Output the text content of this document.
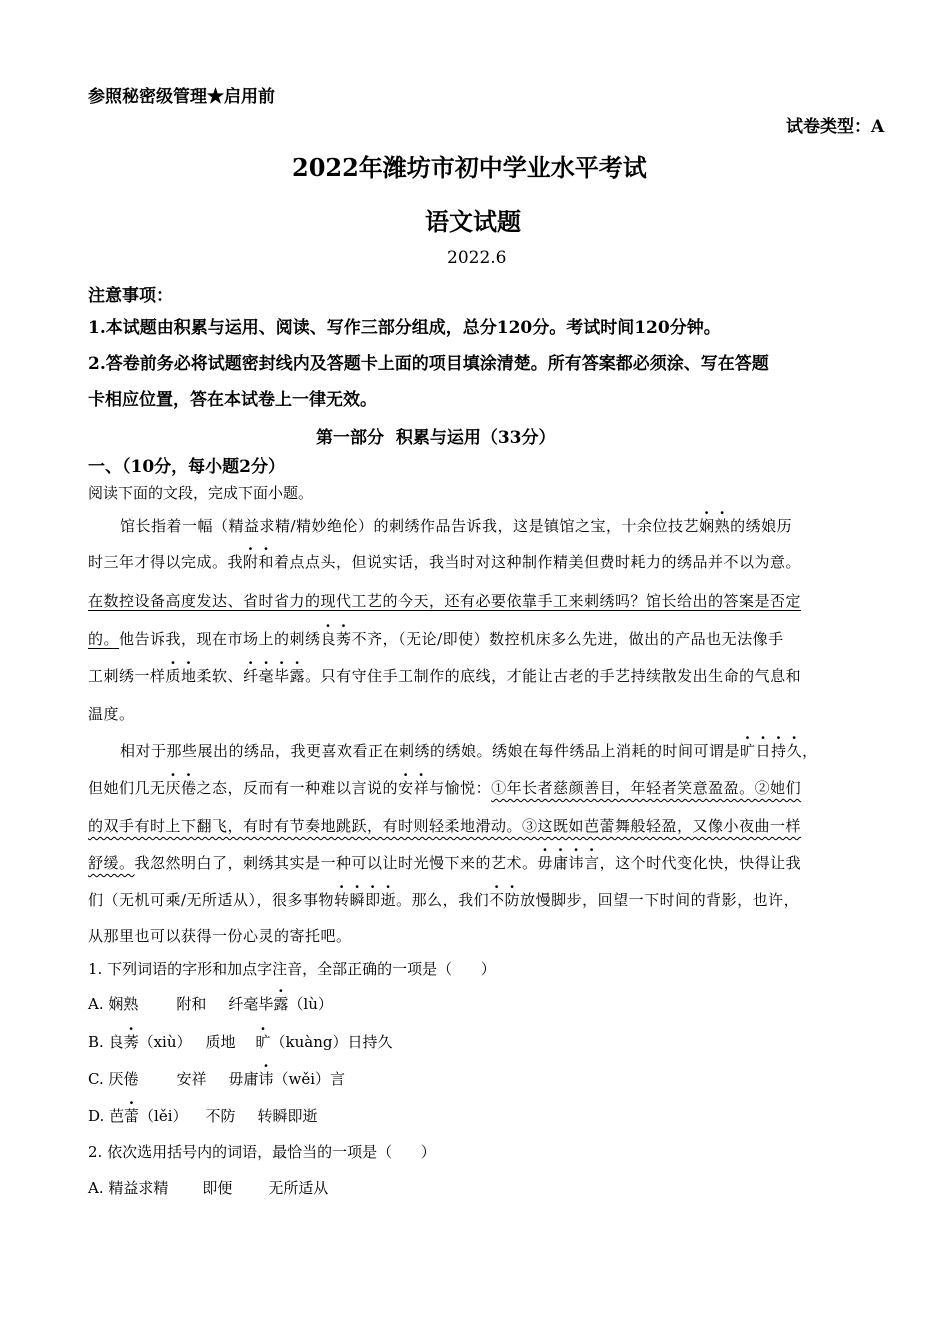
参照秘密级管理★启用前
试卷类型：A
2022年潍坊市初中学业水平考试
语文试题
2022.6
注意事项：
1.本试题由积累与运用、阅读、写作三部分组成，总分120分。考试时间120分钟。
2.答卷前务必将试题密封线内及答题卡上面的项目填涂清楚。所有答案都必须涂、写在答题
卡相应位置，答在本试卷上一律无效。
第一部分  积累与运用（33分）
一、（10分，每小题2分）
阅读下面的文段，完成下面小题。
馆长指着一幅（精益求精/精妙绝伦）的刺绣作品告诉我，这是镇馆之宝，十余位技艺娴熟的绣娘历
时三年才得以完成。我附和着点点头，但说实话，我当时对这种制作精美但费时耗力的绣品并不以为意。
在数控设备高度发达、省时省力的现代工艺的今天，还有必要依靠手工来刺绣吗？馆长给出的答案是否定
的。他告诉我，现在市场上的刺绣良莠不齐，（无论/即使）数控机床多么先进，做出的产品也无法像手
工刺绣一样质地柔软、纤毫毕露。只有守住手工制作的底线，才能让古老的手艺持续散发出生命的气息和
温度。
相对于那些展出的绣品，我更喜欢看正在刺绣的绣娘。绣娘在每件绣品上消耗的时间可谓是旷日持久，
但她们几无厌倦之态，反而有一种难以言说的安祥与愉悦：①年长者慈颜善目，年轻者笑意盈盈。②她们
的双手有时上下翻飞，有时有节奏地跳跃，有时则轻柔地滑动。③这既如芭蕾舞般轻盈，又像小夜曲一样
舒缓。我忽然明白了，刺绣其实是一种可以让时光慢下来的艺术。毋庸讳言，这个时代变化快，快得让我
们（无机可乘/无所适从），很多事物转瞬即逝。那么，我们不防放慢脚步，回望一下时间的背影，也许，
从那里也可以获得一份心灵的寄托吧。
1. 下列词语的字形和加点字注音，全部正确的一项是（      ）
A. 娴熟	附和 纤毫毕露（lù）
B. 良莠（xiù） 质地 旷（kuàng）日持久
C. 厌倦	安祥 毋庸讳（wěi）言
D. 芭蕾（lěi） 不防 转瞬即逝
2. 依次选用括号内的词语，最恰当的一项是（      ）
A. 精益求精 即便 无所适从
